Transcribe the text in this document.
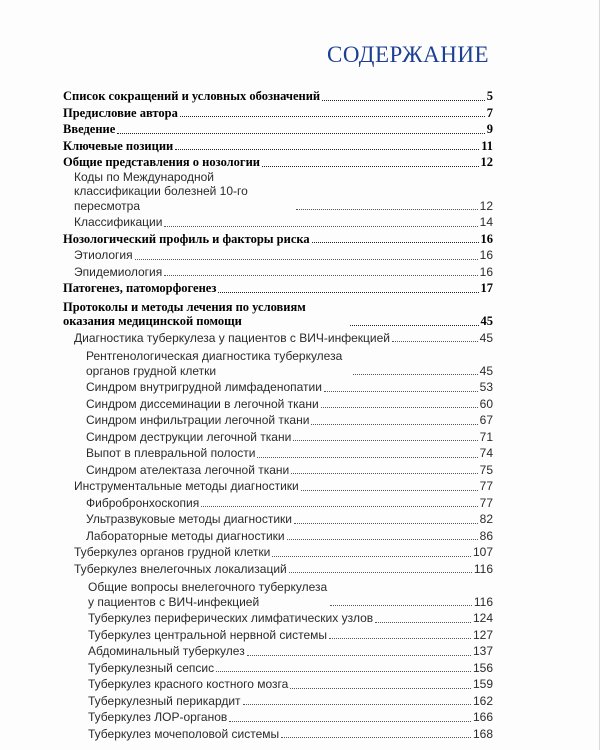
СОДЕРЖАНИЕ
Список сокращений и условных обозначений	5
Предисловие автора	7
Введение	9
Ключевые позиции	11
Общие представления о нозологии	12
Коды по Международной классификации болезней 10-го пересмотра	12
Классификации	14
Нозологический профиль и факторы риска	16
Этиология	16
Эпидемиология	16
Патогенез, патоморфогенез	17
Протоколы и методы лечения по условиям оказания медицинской помощи	45
Диагностика туберкулеза у пациентов с ВИЧ-инфекцией	45
Рентгенологическая диагностика туберкулеза органов грудной клетки	45
Синдром внутригрудной лимфаденопатии	53
Синдром диссеминации в легочной ткани	60
Синдром инфильтрации легочной ткани	67
Синдром деструкции легочной ткани	71
Выпот в плевральной полости	74
Синдром ателектаза легочной ткани	75
Инструментальные методы диагностики	77
Фибробронхоскопия	77
Ультразвуковые методы диагностики	82
Лабораторные методы диагностики	86
Туберкулез органов грудной клетки	107
Туберкулез внелегочных локализаций	116
Общие вопросы внелегочного туберкулеза у пациентов с ВИЧ-инфекцией	116
Туберкулез периферических лимфатических узлов	124
Туберкулез центральной нервной системы	127
Абдоминальный туберкулез	137
Туберкулезный сепсис	156
Туберкулез красного костного мозга	159
Туберкулезный перикардит	162
Туберкулез ЛОР-органов	166
Туберкулез мочеполовой системы	168
